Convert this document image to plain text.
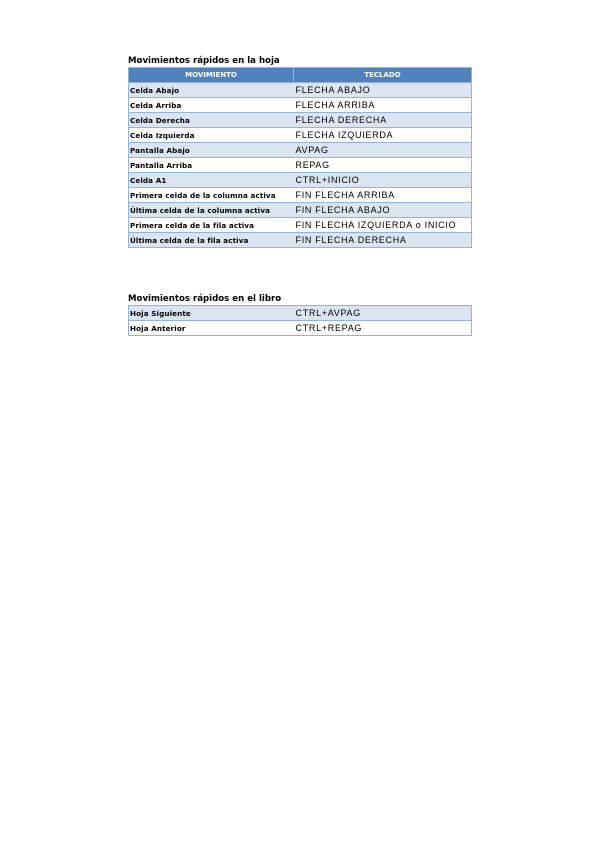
Movimientos rápidos en la hoja
MOVIMIENTO	TECLADO
Celda Abajo	FLECHA ABAJO
Celda Arriba	FLECHA ARRIBA
Celda Derecha	FLECHA DERECHA
Celda Izquierda	FLECHA IZQUIERDA
Pantalla Abajo	AVPAG
Pantalla Arriba	REPAG
Celda A1	CTRL+INICIO
Primera celda de la columna activa	FIN FLECHA ARRIBA
Última celda de la columna activa	FIN FLECHA ABAJO
Primera celda de la fila activa	FIN FLECHA IZQUIERDA o INICIO
Última celda de la fila activa	FIN FLECHA DERECHA
Movimientos rápidos en el libro
Hoja Siguiente	CTRL+AVPAG
Hoja Anterior	CTRL+REPAG
